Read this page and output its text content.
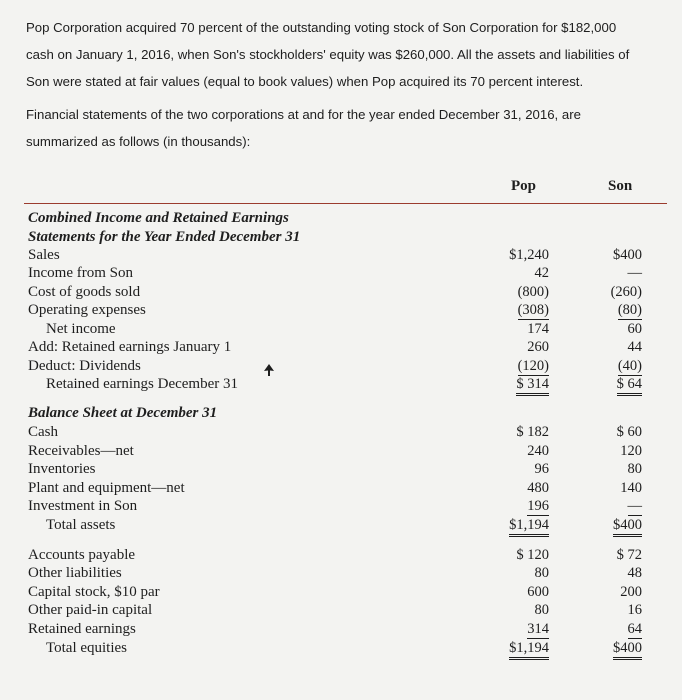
Pop Corporation acquired 70 percent of the outstanding voting stock of Son Corporation for $182,000
cash on January 1, 2016, when Son's stockholders' equity was $260,000. All the assets and liabilities of
Son were stated at fair values (equal to book values) when Pop acquired its 70 percent interest.

Financial statements of the two corporations at and for the year ended December 31, 2016, are
summarized as follows (in thousands):

Pop	Son
Combined Income and Retained Earnings
Statements for the Year Ended December 31
Sales	$1,240	$400
Income from Son	42	—
Cost of goods sold	(800)	(260)
Operating expenses	(308)	(80)
Net income	174	60
Add: Retained earnings January 1	260	44
Deduct: Dividends	(120)	(40)
Retained earnings December 31	$ 314	$ 64
Balance Sheet at December 31
Cash	$ 182	$ 60
Receivables—net	240	120
Inventories	96	80
Plant and equipment—net	480	140
Investment in Son	196	—
Total assets	$1,194	$400
Accounts payable	$ 120	$ 72
Other liabilities	80	48
Capital stock, $10 par	600	200
Other paid-in capital	80	16
Retained earnings	314	64
Total equities	$1,194	$400
